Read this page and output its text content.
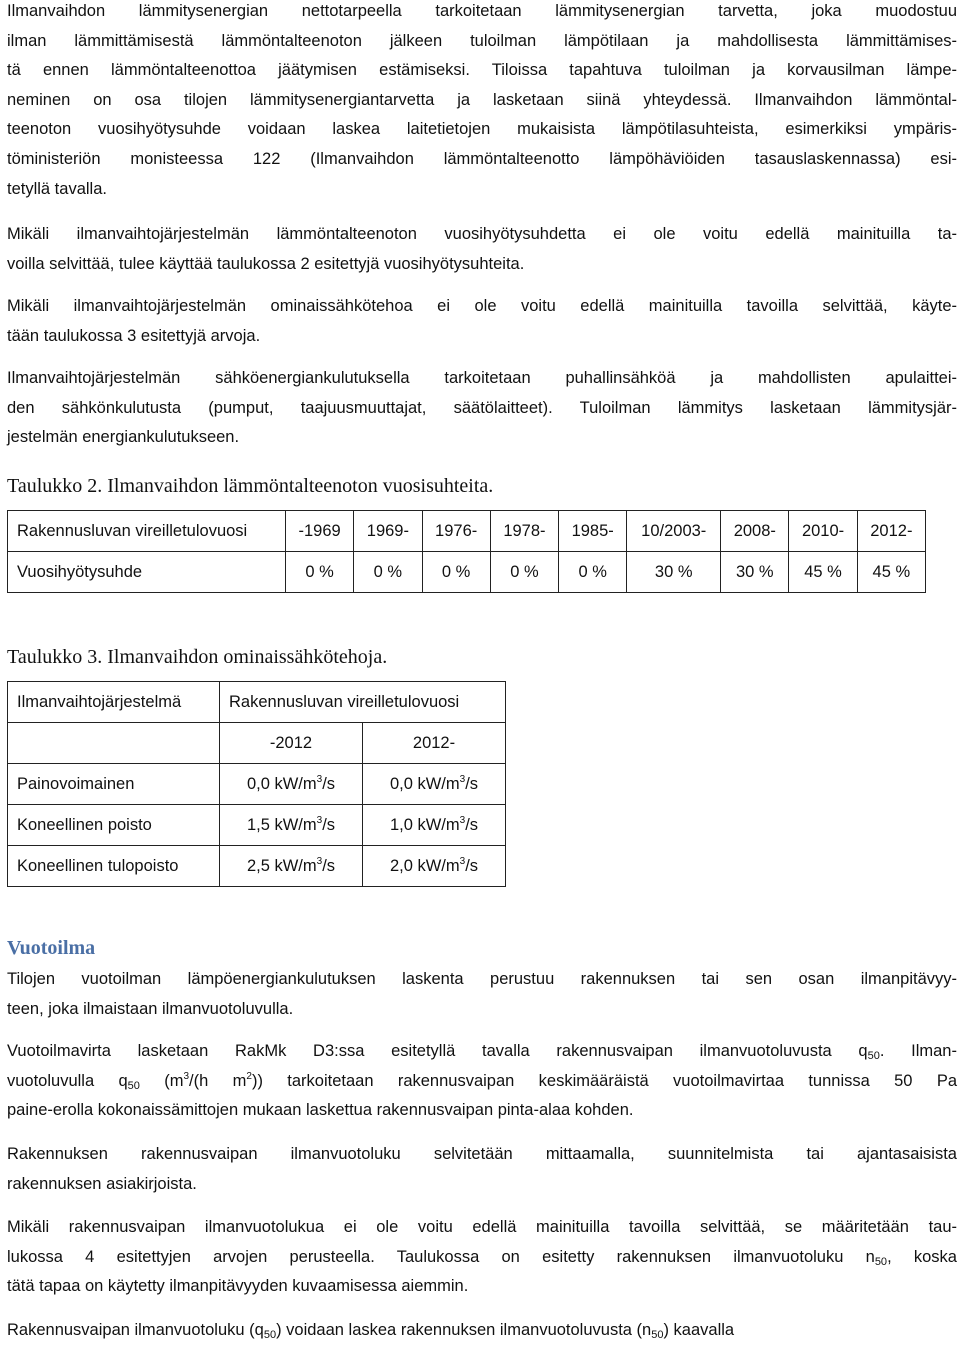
Ilmanvaihdon lämmitysenergian nettotarpeella tarkoitetaan lämmitysenergian tarvetta, joka muodostuu
ilman lämmittämisestä lämmöntalteenoton jälkeen tuloilman lämpötilaan ja mahdollisesta lämmittämises-
tä ennen lämmöntalteenottoa jäätymisen estämiseksi. Tiloissa tapahtuva tuloilman ja korvausilman lämpe-
neminen on osa tilojen lämmitysenergiantarvetta ja lasketaan siinä yhteydessä. Ilmanvaihdon lämmöntal-
teenoton vuosihyötysuhde voidaan laskea laitetietojen mukaisista lämpötilasuhteista, esimerkiksi ympäris-
töministeriön monisteessa 122 (Ilmanvaihdon lämmöntalteenotto lämpöhäviöiden tasauslaskennassa) esi-
tetyllä tavalla.

Mikäli ilmanvaihtojärjestelmän lämmöntalteenoton vuosihyötysuhdetta ei ole voitu edellä mainituilla ta-
voilla selvittää, tulee käyttää taulukossa 2 esitettyjä vuosihyötysuhteita.

Mikäli ilmanvaihtojärjestelmän ominaissähkötehoa ei ole voitu edellä mainituilla tavoilla selvittää, käyte-
tään taulukossa 3 esitettyjä arvoja.

Ilmanvaihtojärjestelmän sähköenergiankulutuksella tarkoitetaan puhallinsähköä ja mahdollisten apulaittei-
den sähkönkulutusta (pumput, taajuusmuuttajat, säätölaitteet). Tuloilman lämmitys lasketaan lämmitysjär-
jestelmän energiankulutukseen.

Taulukko 2. Ilmanvaihdon lämmöntalteenoton vuosisuhteita.
Rakennusluvan vireilletulovuosi	-1969	1969-	1976-	1978-	1985-	10/2003-	2008-	2010-	2012-
Vuosihyötysuhde	0 %	0 %	0 %	0 %	0 %	30 %	30 %	45 %	45 %
Taulukko 3. Ilmanvaihdon ominaissähkötehoja.
Ilmanvaihtojärjestelmä	Rakennusluvan vireilletulovuosi	
	-2012	2012-
Painovoimainen	0,0 $kW/m^3/s$	0,0 $kW/m^3/s$
Koneellinen poisto	1,5 $kW/m^3/s$	1,0 $kW/m^3/s$
Koneellinen tulopoisto	2,5 $kW/m^3/s$	2,0 $kW/m^3/s$
Vuotoilma

Tilojen vuotoilman lämpöenergiankulutuksen laskenta perustuu rakennuksen tai sen osan ilmanpitävyy-
teen, joka ilmaistaan ilmanvuotoluvulla.

Vuotoilmavirta lasketaan RakMk D3:ssa esitetyllä tavalla rakennusvaipan ilmanvuotoluvusta $q_{50}$. Ilman-
vuotoluvulla $q_{50}$ ($m^3/(h$ $m^2$)) tarkoitetaan rakennusvaipan keskimääräistä vuotoilmavirtaa tunnissa 50 Pa
paine-erolla kokonaissämittojen mukaan laskettua rakennusvaipan pinta-alaa kohden.

Rakennuksen rakennusvaipan ilmanvuotoluku selvitetään mittaamalla, suunnitelmista tai ajantasaisista
rakennuksen asiakirjoista.

Mikäli rakennusvaipan ilmanvuotolukua ei ole voitu edellä mainituilla tavoilla selvittää, se määritetään tau-
lukossa 4 esitettyjen arvojen perusteella. Taulukossa on esitetty rakennuksen ilmanvuotoluku $n_{50}$, koska
tätä tapaa on käytetty ilmanpitävyyden kuvaamisessa aiemmin.

Rakennusvaipan ilmanvuotoluku $(q_{50})$ voidaan laskea rakennuksen ilmanvuotoluvusta $(n_{50})$ kaavalla
